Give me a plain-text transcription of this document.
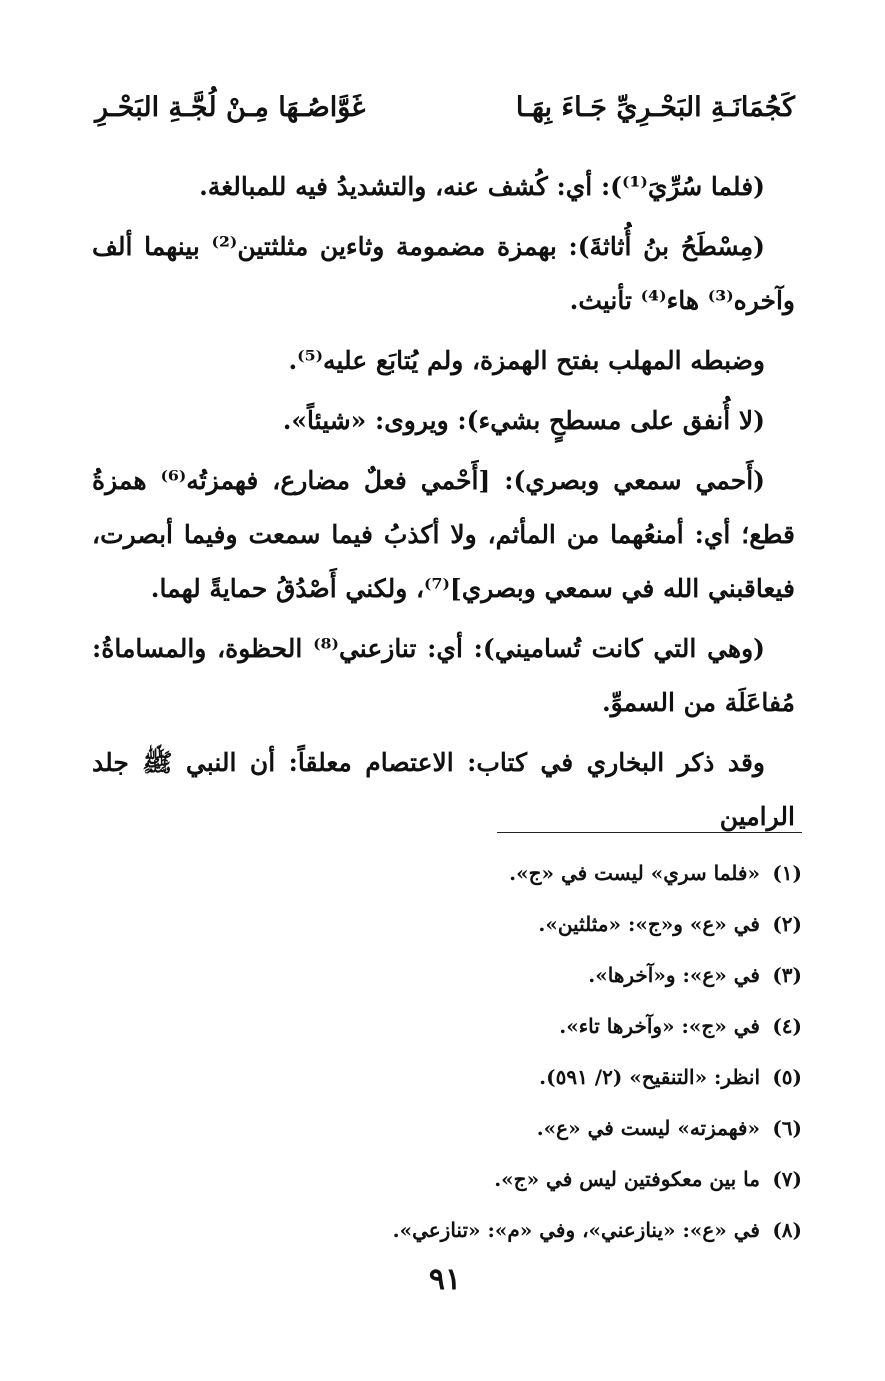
كَجُمَانَـةِ البَحْـرِيِّ جَـاءَ بِهَـا
غَوَّاصُـهَا مِـنْ لُجَّـةِ البَحْـرِ

(فلما سُرِّيَ⁽¹⁾): أي: كُشف عنه، والتشديدُ فيه للمبالغة.

(مِسْطَحُ بنُ أُثاثةَ): بهمزة مضمومة وثاءين مثلثتين⁽²⁾ بينهما ألف وآخره⁽³⁾ هاء⁽⁴⁾ تأنيث.

وضبطه المهلب بفتح الهمزة، ولم يُتابَع عليه⁽⁵⁾.

(لا أُنفق على مسطحٍ بشيء): ويروى: «شيئاً».

(أَحمي سمعي وبصري): [أَحْمي فعلٌ مضارع، فهمزتُه⁽⁶⁾ همزةُ قطع؛ أي: أمنعُهما من المأثم، ولا أكذبُ فيما سمعت وفيما أبصرت، فيعاقبني الله في سمعي وبصري]⁽⁷⁾، ولكني أَصْدُقُ حمايةً لهما.

(وهي التي كانت تُساميني): أي: تنازعني⁽⁸⁾ الحظوة، والمساماةُ: مُفاعَلَة من السموِّ.

وقد ذكر البخاري في كتاب: الاعتصام معلقاً: أن النبي ﷺ جلد الرامين

(١)«فلما سري» ليست في «ج».
(٢)في «ع» و«ج»: «مثلثين».
(٣)في «ع»: و«آخرها».
(٤)في «ج»: «وآخرها تاء».
(٥)انظر: «التنقيح» (٢/ ٥٩١).
(٦)«فهمزته» ليست في «ع».
(٧)ما بين معكوفتين ليس في «ج».
(٨)في «ع»: «ينازعني»، وفي «م»: «تنازعي».
٩١
